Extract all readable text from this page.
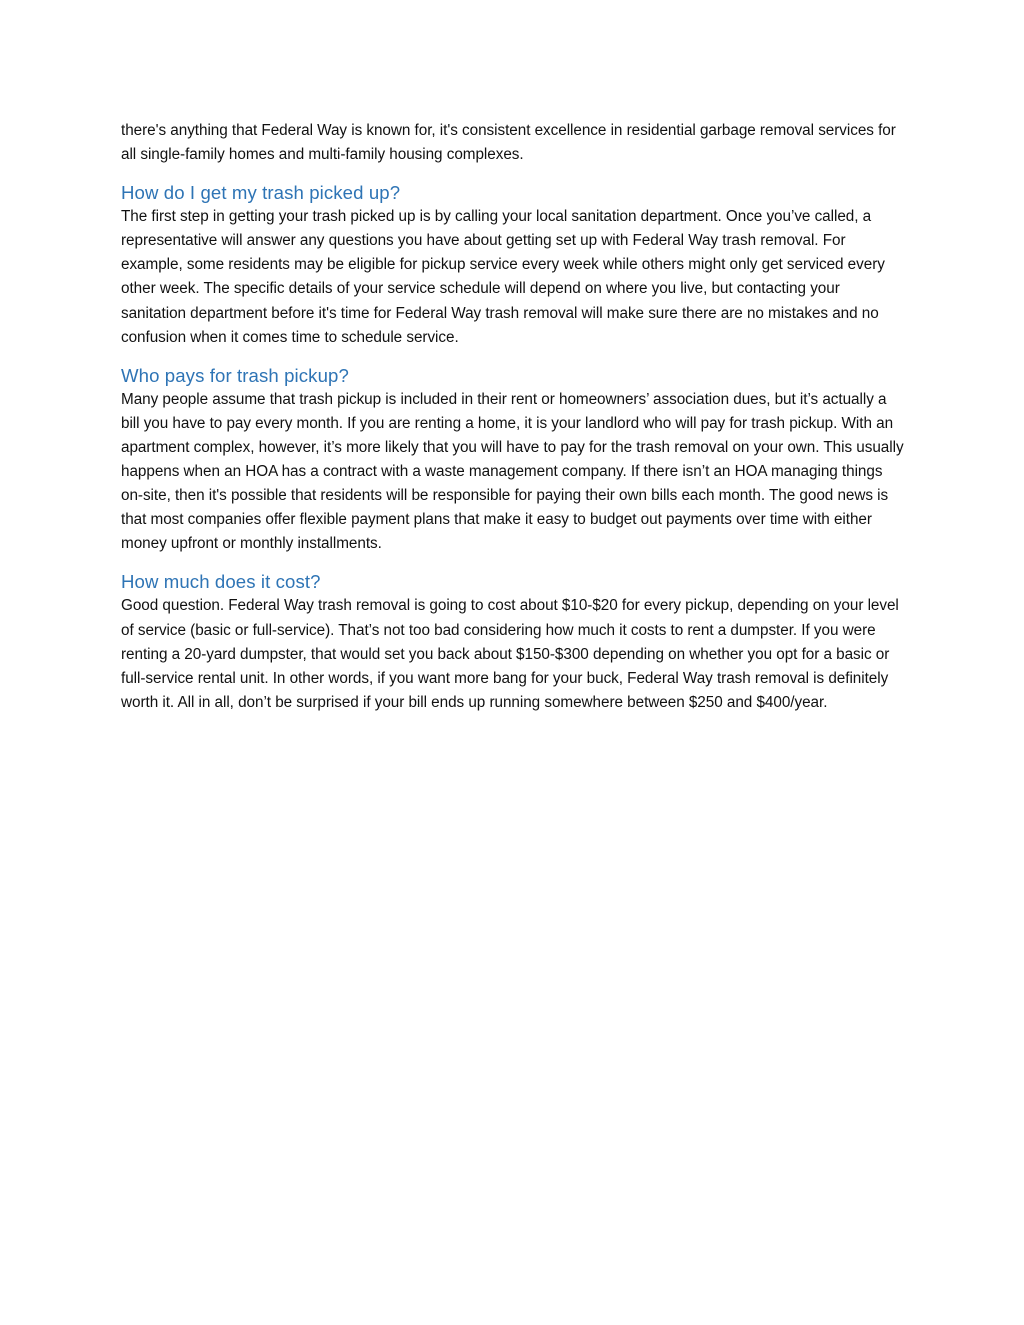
there's anything that Federal Way is known for, it's consistent excellence in residential garbage removal services for all single-family homes and multi-family housing complexes.

How do I get my trash picked up?

The first step in getting your trash picked up is by calling your local sanitation department. Once you’ve called, a representative will answer any questions you have about getting set up with Federal Way trash removal. For example, some residents may be eligible for pickup service every week while others might only get serviced every other week. The specific details of your service schedule will depend on where you live, but contacting your sanitation department before it's time for Federal Way trash removal will make sure there are no mistakes and no confusion when it comes time to schedule service.

Who pays for trash pickup?

Many people assume that trash pickup is included in their rent or homeowners’ association dues, but it’s actually a bill you have to pay every month. If you are renting a home, it is your landlord who will pay for trash pickup. With an apartment complex, however, it’s more likely that you will have to pay for the trash removal on your own. This usually happens when an HOA has a contract with a waste management company. If there isn’t an HOA managing things on-site, then it's possible that residents will be responsible for paying their own bills each month. The good news is that most companies offer flexible payment plans that make it easy to budget out payments over time with either money upfront or monthly installments.

How much does it cost?

Good question. Federal Way trash removal is going to cost about $10-$20 for every pickup, depending on your level of service (basic or full-service). That’s not too bad considering how much it costs to rent a dumpster. If you were renting a 20-yard dumpster, that would set you back about $150-$300 depending on whether you opt for a basic or full-service rental unit. In other words, if you want more bang for your buck, Federal Way trash removal is definitely worth it. All in all, don’t be surprised if your bill ends up running somewhere between $250 and $400/year.
